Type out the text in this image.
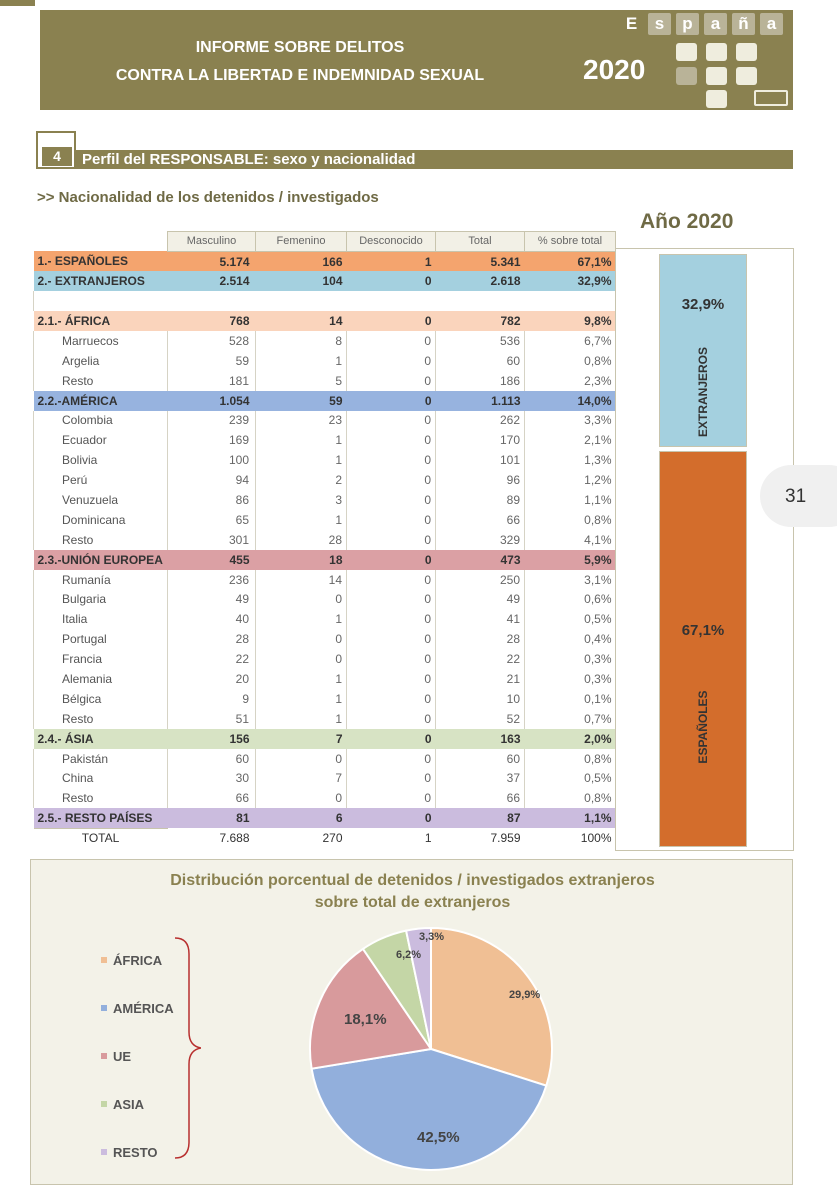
INFORME SOBRE DELITOS
CONTRA LA LIBERTAD E INDEMNIDAD SEXUAL	2020
E	s	p	a	ñ	a
4	Perfil del RESPONSABLE: sexo y nacionalidad
>> Nacionalidad de los detenidos / investigados
Año 2020
	Masculino	Femenino	Desconocido	Total	% sobre total
1.- ESPAÑOLES	5.174	166	1	5.341	67,1%
2.- EXTRANJEROS	2.514	104	0	2.618	32,9%

2.1.- ÁFRICA	768	14	0	782	9,8%
Marruecos	528	8	0	536	6,7%
Argelia	59	1	0	60	0,8%
Resto	181	5	0	186	2,3%
2.2.-AMÉRICA	1.054	59	0	1.113	14,0%
Colombia	239	23	0	262	3,3%
Ecuador	169	1	0	170	2,1%
Bolivia	100	1	0	101	1,3%
Perú	94	2	0	96	1,2%
Venuzuela	86	3	0	89	1,1%
Dominicana	65	1	0	66	0,8%
Resto	301	28	0	329	4,1%
2.3.-UNIÓN EUROPEA	455	18	0	473	5,9%
Rumanía	236	14	0	250	3,1%
Bulgaria	49	0	0	49	0,6%
Italia	40	1	0	41	0,5%
Portugal	28	0	0	28	0,4%
Francia	22	0	0	22	0,3%
Alemania	20	1	0	21	0,3%
Bélgica	9	1	0	10	0,1%
Resto	51	1	0	52	0,7%
2.4.- ÁSIA	156	7	0	163	2,0%
Pakistán	60	0	0	60	0,8%
China	30	7	0	37	0,5%
Resto	66	0	0	66	0,8%
2.5.- RESTO PAÍSES	81	6	0	87	1,1%
TOTAL	7.688	270	1	7.959	100%
32,9%
67,1%
EXTRANJEROS
ESPAÑOLES
31
Distribución porcentual de detenidos / investigados extranjeros
sobre total de extranjeros
ÁFRICA
AMÉRICA
UE
ASIA
RESTO
29,9%
42,5%
18,1%
6,2%
3,3%
